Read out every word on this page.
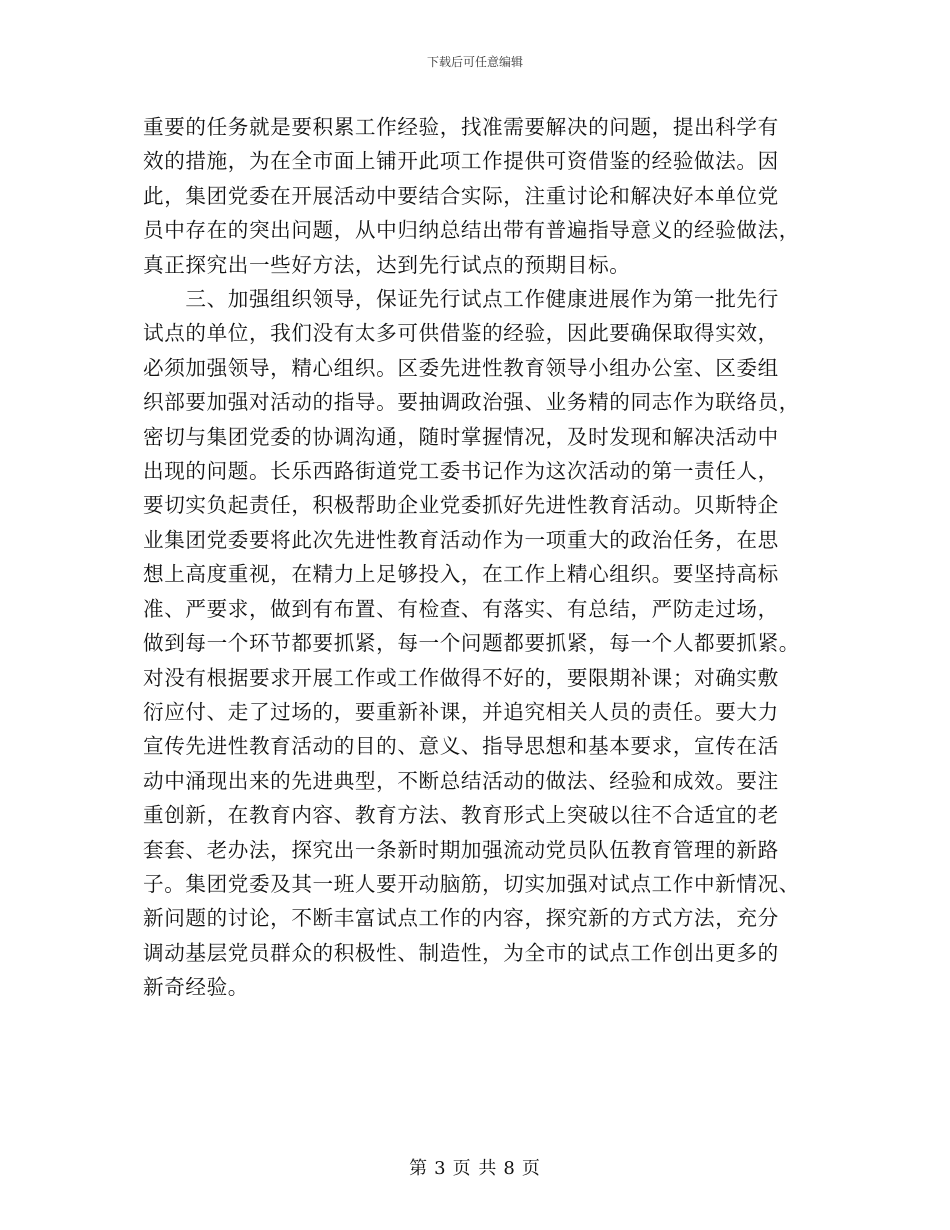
下载后可任意编辑
重要的任务就是要积累工作经验，找准需要解决的问题，提出科学有
效的措施，为在全市面上铺开此项工作提供可资借鉴的经验做法。因
此，集团党委在开展活动中要结合实际，注重讨论和解决好本单位党
员中存在的突出问题，从中归纳总结出带有普遍指导意义的经验做法，
真正探究出一些好方法，达到先行试点的预期目标。
　　三、加强组织领导，保证先行试点工作健康进展作为第一批先行
试点的单位，我们没有太多可供借鉴的经验，因此要确保取得实效，
必须加强领导，精心组织。区委先进性教育领导小组办公室、区委组
织部要加强对活动的指导。要抽调政治强、业务精的同志作为联络员，
密切与集团党委的协调沟通，随时掌握情况，及时发现和解决活动中
出现的问题。长乐西路街道党工委书记作为这次活动的第一责任人，
要切实负起责任，积极帮助企业党委抓好先进性教育活动。贝斯特企
业集团党委要将此次先进性教育活动作为一项重大的政治任务，在思
想上高度重视，在精力上足够投入，在工作上精心组织。要坚持高标
准、严要求，做到有布置、有检查、有落实、有总结，严防走过场，
做到每一个环节都要抓紧，每一个问题都要抓紧，每一个人都要抓紧。
对没有根据要求开展工作或工作做得不好的，要限期补课；对确实敷
衍应付、走了过场的，要重新补课，并追究相关人员的责任。要大力
宣传先进性教育活动的目的、意义、指导思想和基本要求，宣传在活
动中涌现出来的先进典型，不断总结活动的做法、经验和成效。要注
重创新，在教育内容、教育方法、教育形式上突破以往不合适宜的老
套套、老办法，探究出一条新时期加强流动党员队伍教育管理的新路
子。集团党委及其一班人要开动脑筋，切实加强对试点工作中新情况、
新问题的讨论，不断丰富试点工作的内容，探究新的方式方法，充分
调动基层党员群众的积极性、制造性，为全市的试点工作创出更多的
新奇经验。
第 3 页 共 8 页
